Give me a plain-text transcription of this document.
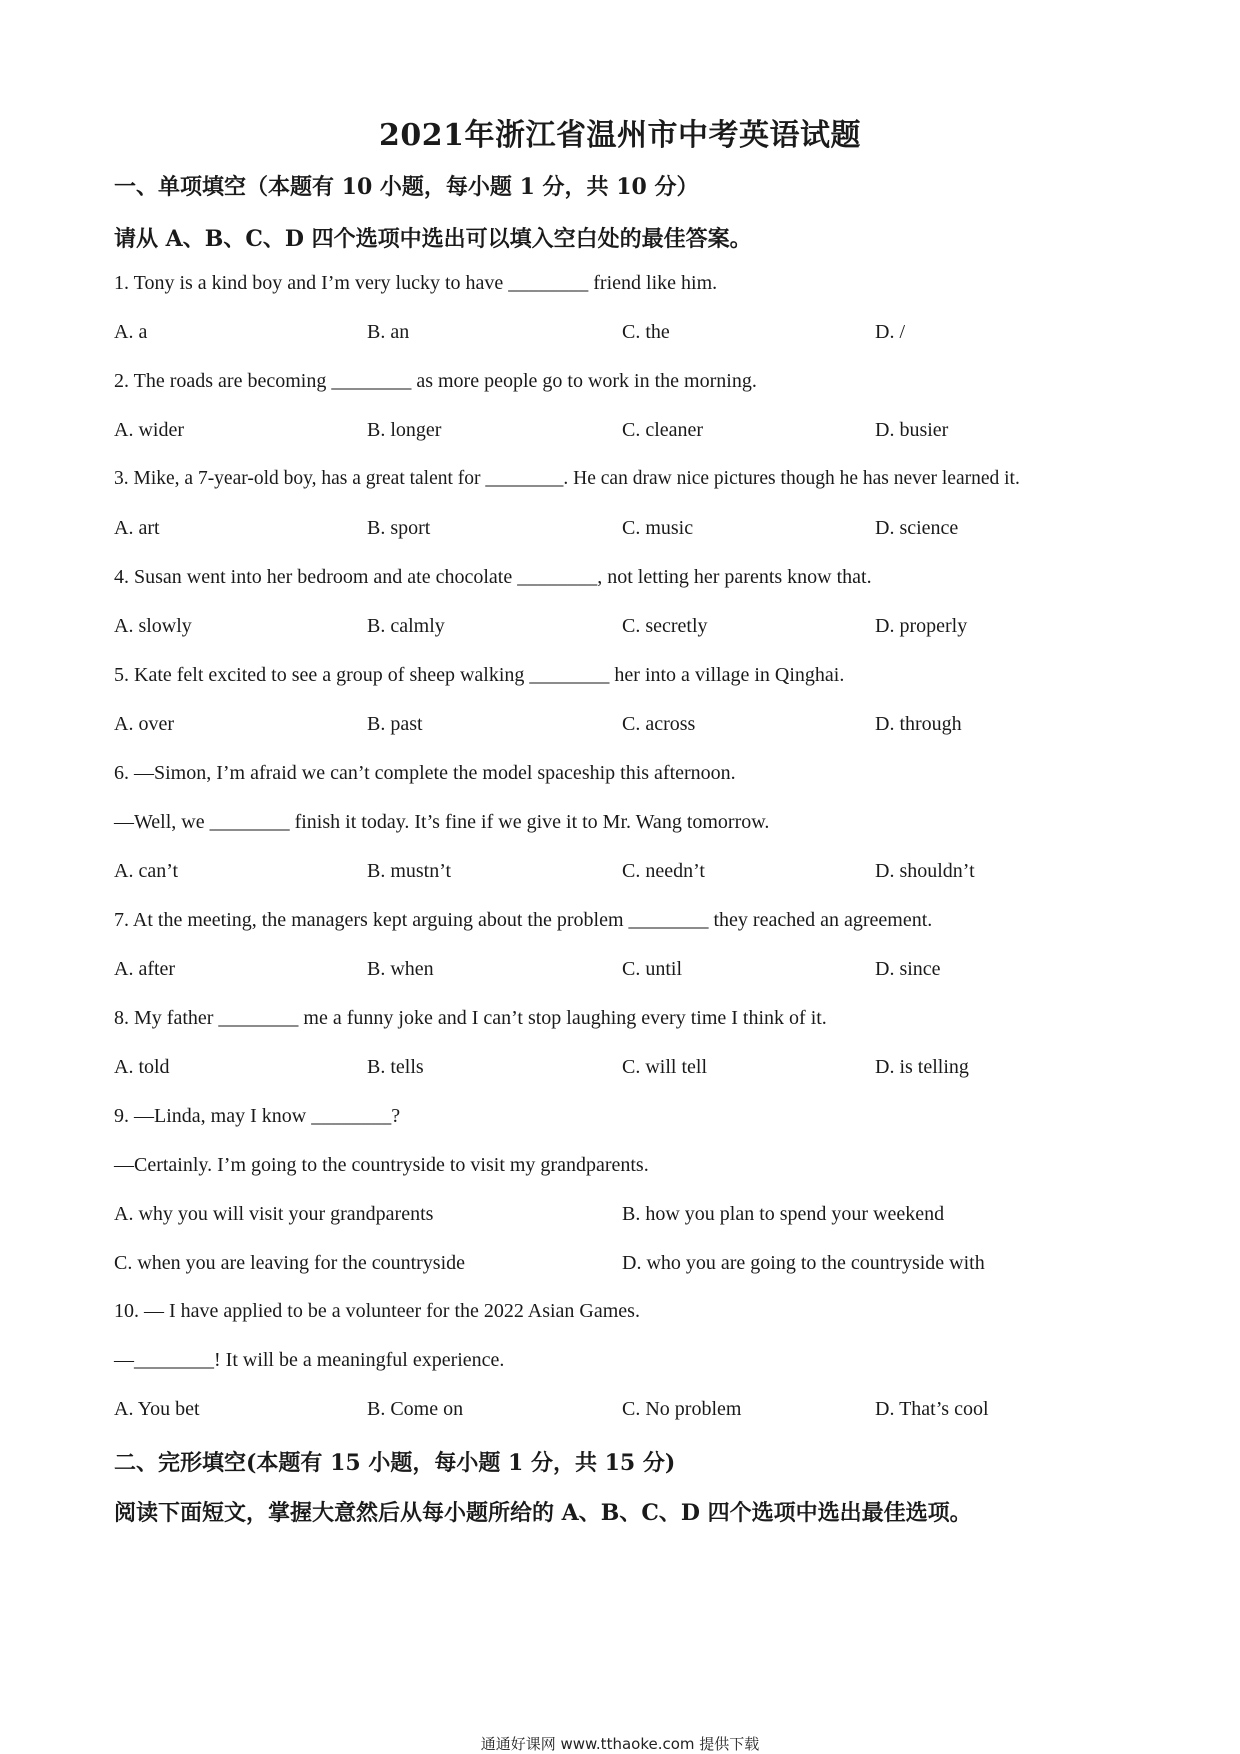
2021年浙江省温州市中考英语试题
一、单项填空（本题有 10 小题，每小题 1 分，共 10 分）
请从 A、B、C、D 四个选项中选出可以填入空白处的最佳答案。
1. Tony is a kind boy and I’m very lucky to have ________ friend like him.
A. a	B. an	C. the	D. /
2. The roads are becoming ________ as more people go to work in the morning.
A. wider	B. longer	C. cleaner	D. busier
3. Mike, a 7-year-old boy, has a great talent for ________. He can draw nice pictures though he has never learned it.
A. art	B. sport	C. music	D. science
4. Susan went into her bedroom and ate chocolate ________, not letting her parents know that.
A. slowly	B. calmly	C. secretly	D. properly
5. Kate felt excited to see a group of sheep walking ________ her into a village in Qinghai.
A. over	B. past	C. across	D. through
6. —Simon, I’m afraid we can’t complete the model spaceship this afternoon.
—Well, we ________ finish it today. It’s fine if we give it to Mr. Wang tomorrow.
A. can’t	B. mustn’t	C. needn’t	D. shouldn’t
7. At the meeting, the managers kept arguing about the problem ________ they reached an agreement.
A. after	B. when	C. until	D. since
8. My father ________ me a funny joke and I can’t stop laughing every time I think of it.
A. told	B. tells	C. will tell	D. is telling
9. —Linda, may I know ________?
—Certainly. I’m going to the countryside to visit my grandparents.
A. why you will visit your grandparents	B. how you plan to spend your weekend
C. when you are leaving for the countryside	D. who you are going to the countryside with
10. — I have applied to be a volunteer for the 2022 Asian Games.
—________! It will be a meaningful experience.
A. You bet	B. Come on	C. No problem	D. That’s cool
二、完形填空(本题有 15 小题，每小题 1 分，共 15 分)
阅读下面短文，掌握大意然后从每小题所给的 A、B、C、D 四个选项中选出最佳选项。
通通好课网 www.tthaoke.com 提供下载
